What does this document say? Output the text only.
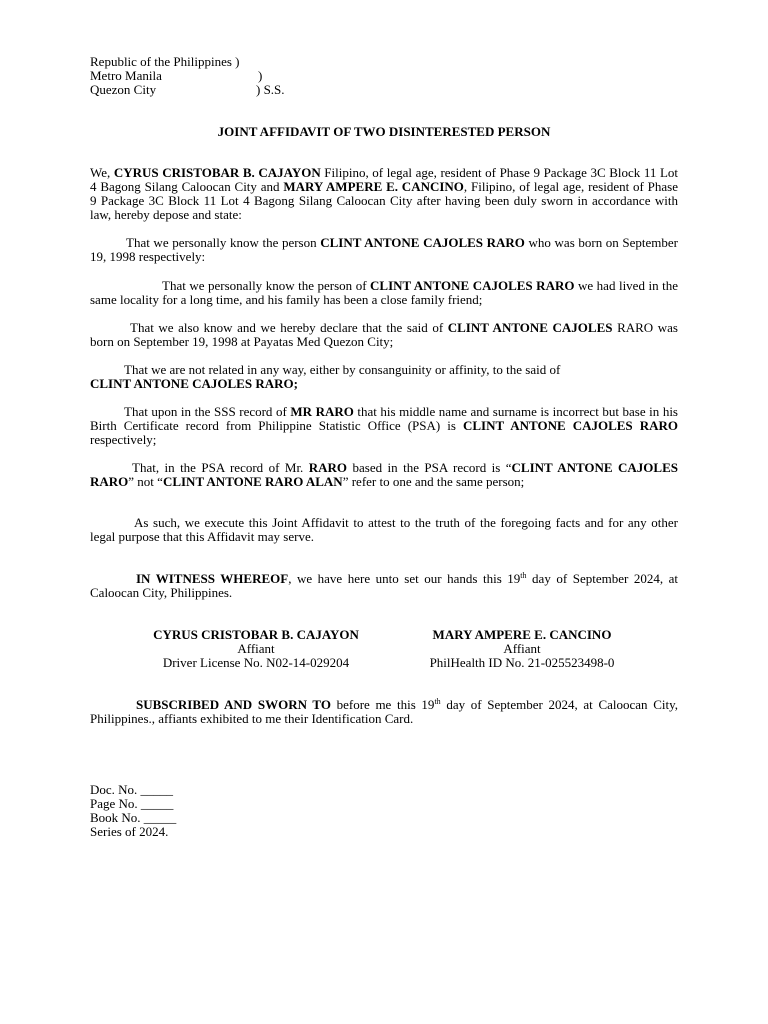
Republic of the Philippines )
Metro Manila	)
Quezon City	) S.S.
JOINT AFFIDAVIT OF TWO DISINTERESTED PERSON

We, CYRUS CRISTOBAR B. CAJAYON Filipino, of legal age, resident of Phase 9 Package 3C Block 11 Lot 4 Bagong Silang Caloocan City and MARY AMPERE E. CANCINO, Filipino, of legal age, resident of Phase 9 Package 3C Block 11 Lot 4 Bagong Silang Caloocan City after having been duly sworn in accordance with law, hereby depose and state:

That we personally know the person CLINT ANTONE CAJOLES RARO who was born on September 19, 1998 respectively:

That we personally know the person of CLINT ANTONE CAJOLES RARO we had lived in the same locality for a long time, and his family has been a close family friend;

That we also know and we hereby declare that the said of CLINT ANTONE CAJOLES RARO was born on September 19, 1998 at Payatas Med Quezon City;

That we are not related in any way, either by consanguinity or affinity, to the said of
CLINT ANTONE CAJOLES RARO;

That upon in the SSS record of MR RARO that his middle name and surname is incorrect but base in his Birth Certificate record from Philippine Statistic Office (PSA) is CLINT ANTONE CAJOLES RARO respectively;

That, in the PSA record of Mr. RARO based in the PSA record is “CLINT ANTONE CAJOLES RARO” not “CLINT ANTONE RARO ALAN” refer to one and the same person;

As such, we execute this Joint Affidavit to attest to the truth of the foregoing facts and for any other legal purpose that this Affidavit may serve.

IN WITNESS WHEREOF, we have here unto set our hands this 19th day of September 2024, at Caloocan City, Philippines.

CYRUS CRISTOBAR B. CAJAYON
Affiant
Driver License No. N02-14-029204
MARY AMPERE E. CANCINO
Affiant
PhilHealth ID No. 21-025523498-0

SUBSCRIBED AND SWORN TO before me this 19th day of September 2024, at Caloocan City, Philippines., affiants exhibited to me their Identification Card.

Doc. No. _____
Page No. _____
Book No. _____
Series of 2024.
